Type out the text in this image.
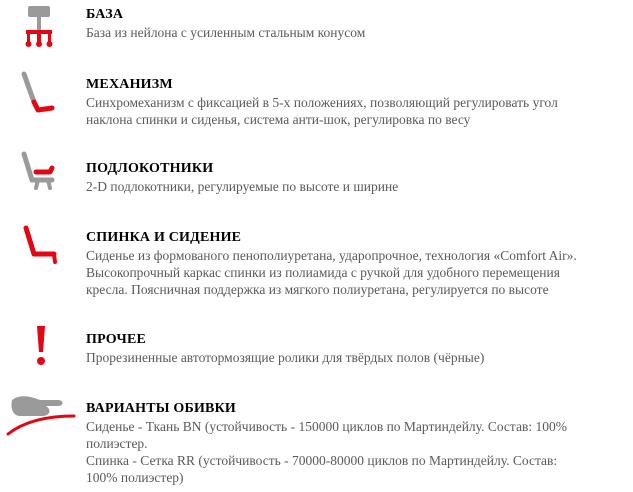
БАЗА
База из нейлона с усиленным стальным конусом
МЕХАНИЗМ
Синхромеханизм с фиксацией в 5-х положениях, позволяющий регулировать угол
наклона спинки и сиденья, система анти-шок, регулировка по весу
ПОДЛОКОТНИКИ
2-D подлокотники, регулируемые по высоте и ширине
СПИНКА И СИДЕНИЕ
Сиденье из формованого пенополиуретана, ударопрочное, технология «Comfort Air».
Высокопрочный каркас спинки из полиамида с ручкой для удобного перемещения
кресла. Поясничная поддержка из мягкого полиуретана, регулируется по высоте
ПРОЧЕЕ
Прорезиненные автотормозящие ролики для твёрдых полов (чёрные)
ВАРИАНТЫ ОБИВКИ
Сиденье - Ткань BN (устойчивость - 150000 циклов по Мартиндейлу. Состав: 100%
полиэстер.
Спинка - Сетка RR (устойчивость - 70000-80000 циклов по Мартиндейлу. Состав:
100% полиэстер)
